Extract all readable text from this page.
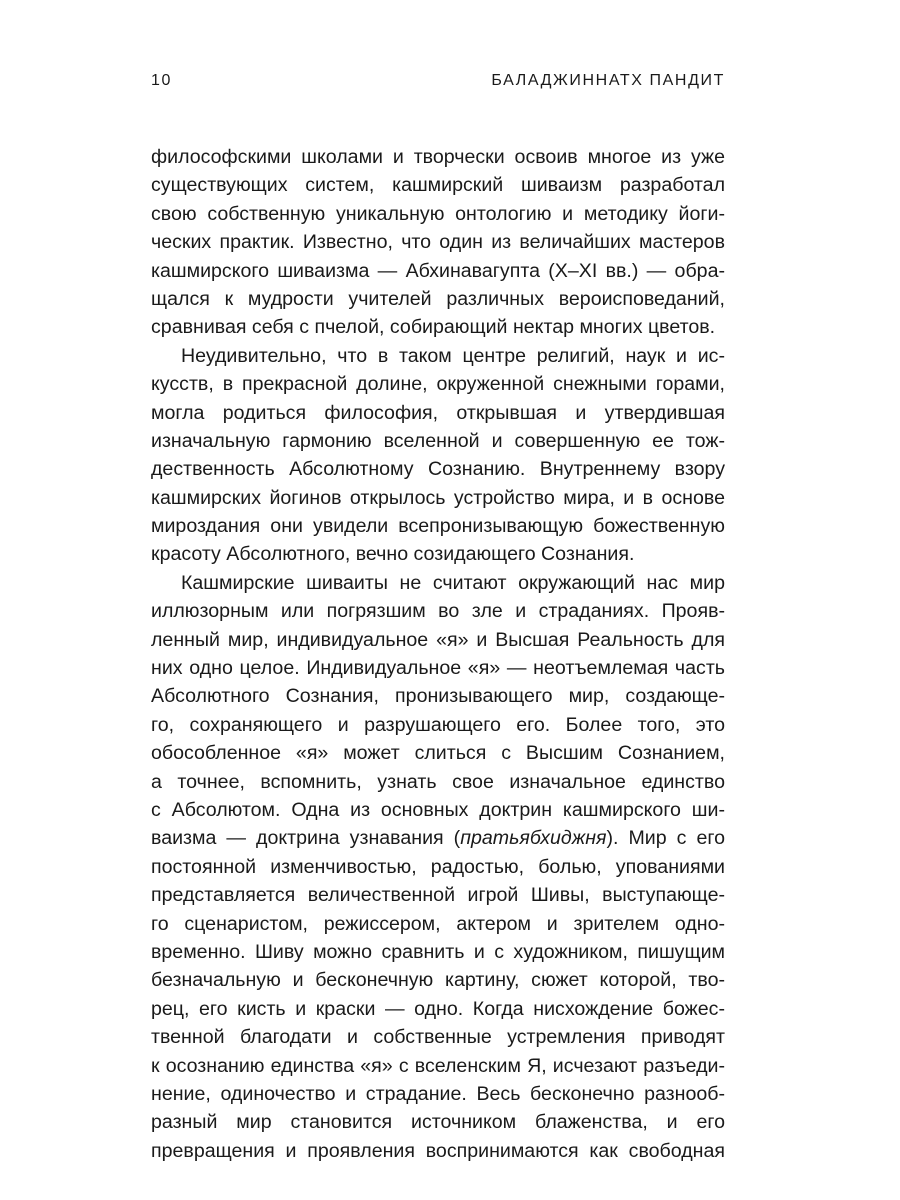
10	БАЛАДЖИННАТХ ПАНДИТ
философскими школами и творчески освоив многое из уже
существующих систем, кашмирский шиваизм разработал
свою собственную уникальную онтологию и методику йоги-
ческих практик. Известно, что один из величайших мастеров
кашмирского шиваизма — Абхинавагупта (X–XI вв.) — обра-
щался к мудрости учителей различных вероисповеданий,
сравнивая себя с пчелой, собирающий нектар многих цветов.
Неудивительно, что в таком центре религий, наук и ис-
кусств, в прекрасной долине, окруженной снежными горами,
могла родиться философия, открывшая и утвердившая
изначальную гармонию вселенной и совершенную ее тож-
дественность Абсолютному Сознанию. Внутреннему взору
кашмирских йогинов открылось устройство мира, и в основе
мироздания они увидели всепронизывающую божественную
красоту Абсолютного, вечно созидающего Сознания.
Кашмирские шиваиты не считают окружающий нас мир
иллюзорным или погрязшим во зле и страданиях. Прояв-
ленный мир, индивидуальное «я» и Высшая Реальность для
них одно целое. Индивидуальное «я» — неотъемлемая часть
Абсолютного Сознания, пронизывающего мир, создающе-
го, сохраняющего и разрушающего его. Более того, это
обособленное «я» может слиться с Высшим Сознанием,
а точнее, вспомнить, узнать свое изначальное единство
с Абсолютом. Одна из основных доктрин кашмирского ши-
ваизма — доктрина узнавания (пратьябхиджня). Мир с его
постоянной изменчивостью, радостью, болью, упованиями
представляется величественной игрой Шивы, выступающе-
го сценаристом, режиссером, актером и зрителем одно-
временно. Шиву можно сравнить и с художником, пишущим
безначальную и бесконечную картину, сюжет которой, тво-
рец, его кисть и краски — одно. Когда нисхождение божес-
твенной благодати и собственные устремления приводят
к осознанию единства «я» с вселенским Я, исчезают разъеди-
нение, одиночество и страдание. Весь бесконечно разнооб-
разный мир становится источником блаженства, и его
превращения и проявления воспринимаются как свободная
